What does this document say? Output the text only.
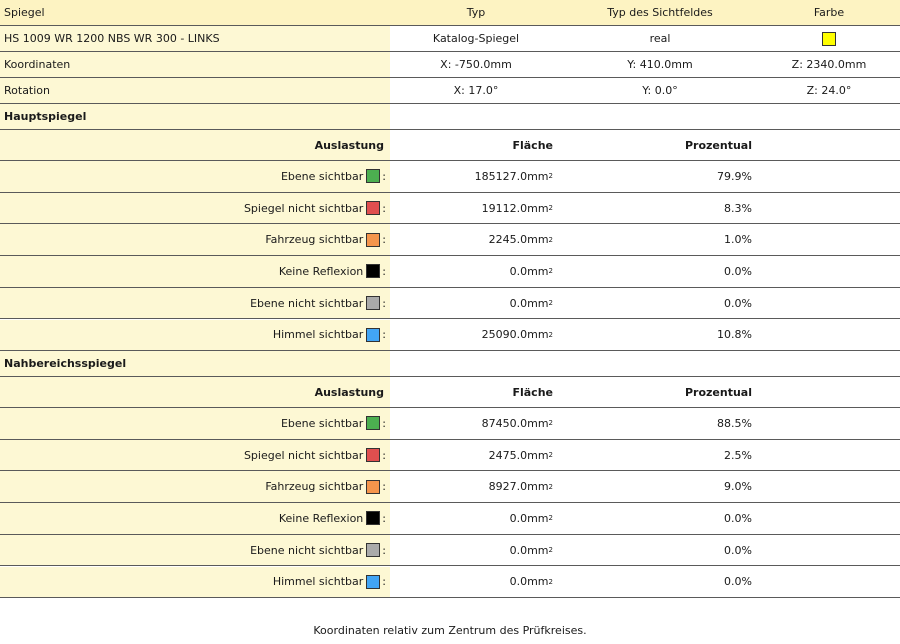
Spiegel	Typ	Typ des Sichtfeldes	Farbe
HS 1009 WR 1200 NBS WR 300 - LINKS	Katalog-Spiegel	real
Koordinaten	X: -750.0mm	Y: 410.0mm	Z: 2340.0mm
Rotation	X: 17.0°	Y: 0.0°	Z: 24.0°
Hauptspiegel
Auslastung	Fläche	Prozentual
Ebene sichtbar :	185127.0mm 2	79.9%
Spiegel nicht sichtbar :	19112.0mm 2	8.3%
Fahrzeug sichtbar :	2245.0mm 2	1.0%
Keine Reflexion :	0.0mm 2	0.0%
Ebene nicht sichtbar :	0.0mm 2	0.0%
Himmel sichtbar :	25090.0mm 2	10.8%
Nahbereichsspiegel
Auslastung	Fläche	Prozentual
Ebene sichtbar :	87450.0mm 2	88.5%
Spiegel nicht sichtbar :	2475.0mm 2	2.5%
Fahrzeug sichtbar :	8927.0mm 2	9.0%
Keine Reflexion :	0.0mm 2	0.0%
Ebene nicht sichtbar :	0.0mm 2	0.0%
Himmel sichtbar :	0.0mm 2	0.0%
Koordinaten relativ zum Zentrum des Prüfkreises.
